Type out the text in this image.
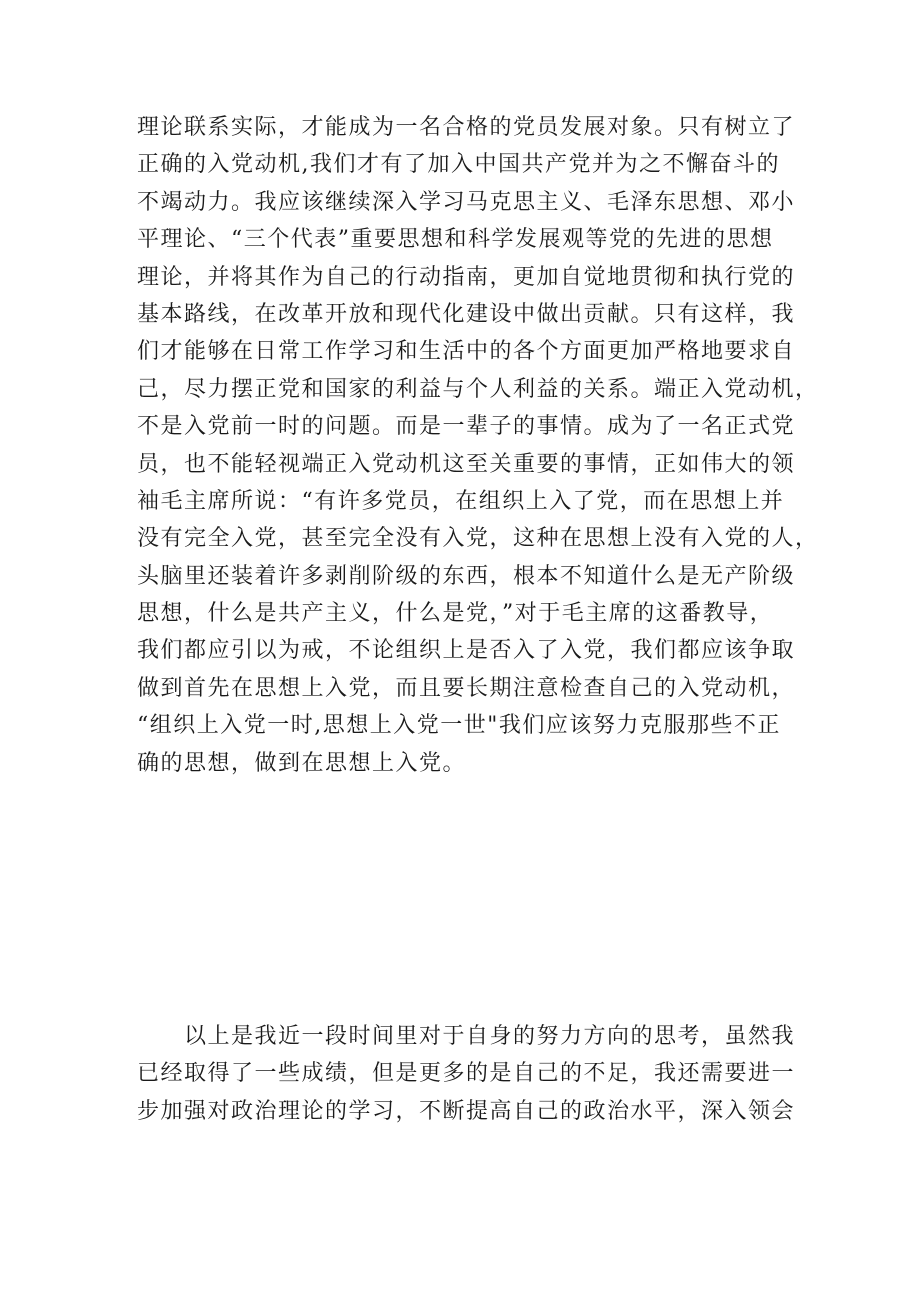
理论联系实际，才能成为一名合格的党员发展对象。只有树立了
正确的入党动机,我们才有了加入中国共产党并为之不懈奋斗的
不竭动力。我应该继续深入学习马克思主义、毛泽东思想、邓小
平理论、“三个代表”重要思想和科学发展观等党的先进的思想
理论，并将其作为自己的行动指南，更加自觉地贯彻和执行党的
基本路线，在改革开放和现代化建设中做出贡献。只有这样，我
们才能够在日常工作学习和生活中的各个方面更加严格地要求自
己，尽力摆正党和国家的利益与个人利益的关系。端正入党动机，
不是入党前一时的问题。而是一辈子的事情。成为了一名正式党
员，也不能轻视端正入党动机这至关重要的事情，正如伟大的领
袖毛主席所说：“有许多党员，在组织上入了党，而在思想上并
没有完全入党，甚至完全没有入党，这种在思想上没有入党的人，
头脑里还装着许多剥削阶级的东西，根本不知道什么是无产阶级
思想，什么是共产主义，什么是党，”对于毛主席的这番教导，
我们都应引以为戒，不论组织上是否入了入党，我们都应该争取
做到首先在思想上入党，而且要长期注意检查自己的入党动机，
“组织上入党一时,思想上入党一世"我们应该努力克服那些不正
确的思想，做到在思想上入党。
以上是我近一段时间里对于自身的努力方向的思考，虽然我
已经取得了一些成绩，但是更多的是自己的不足，我还需要进一
步加强对政治理论的学习，不断提高自己的政治水平，深入领会
